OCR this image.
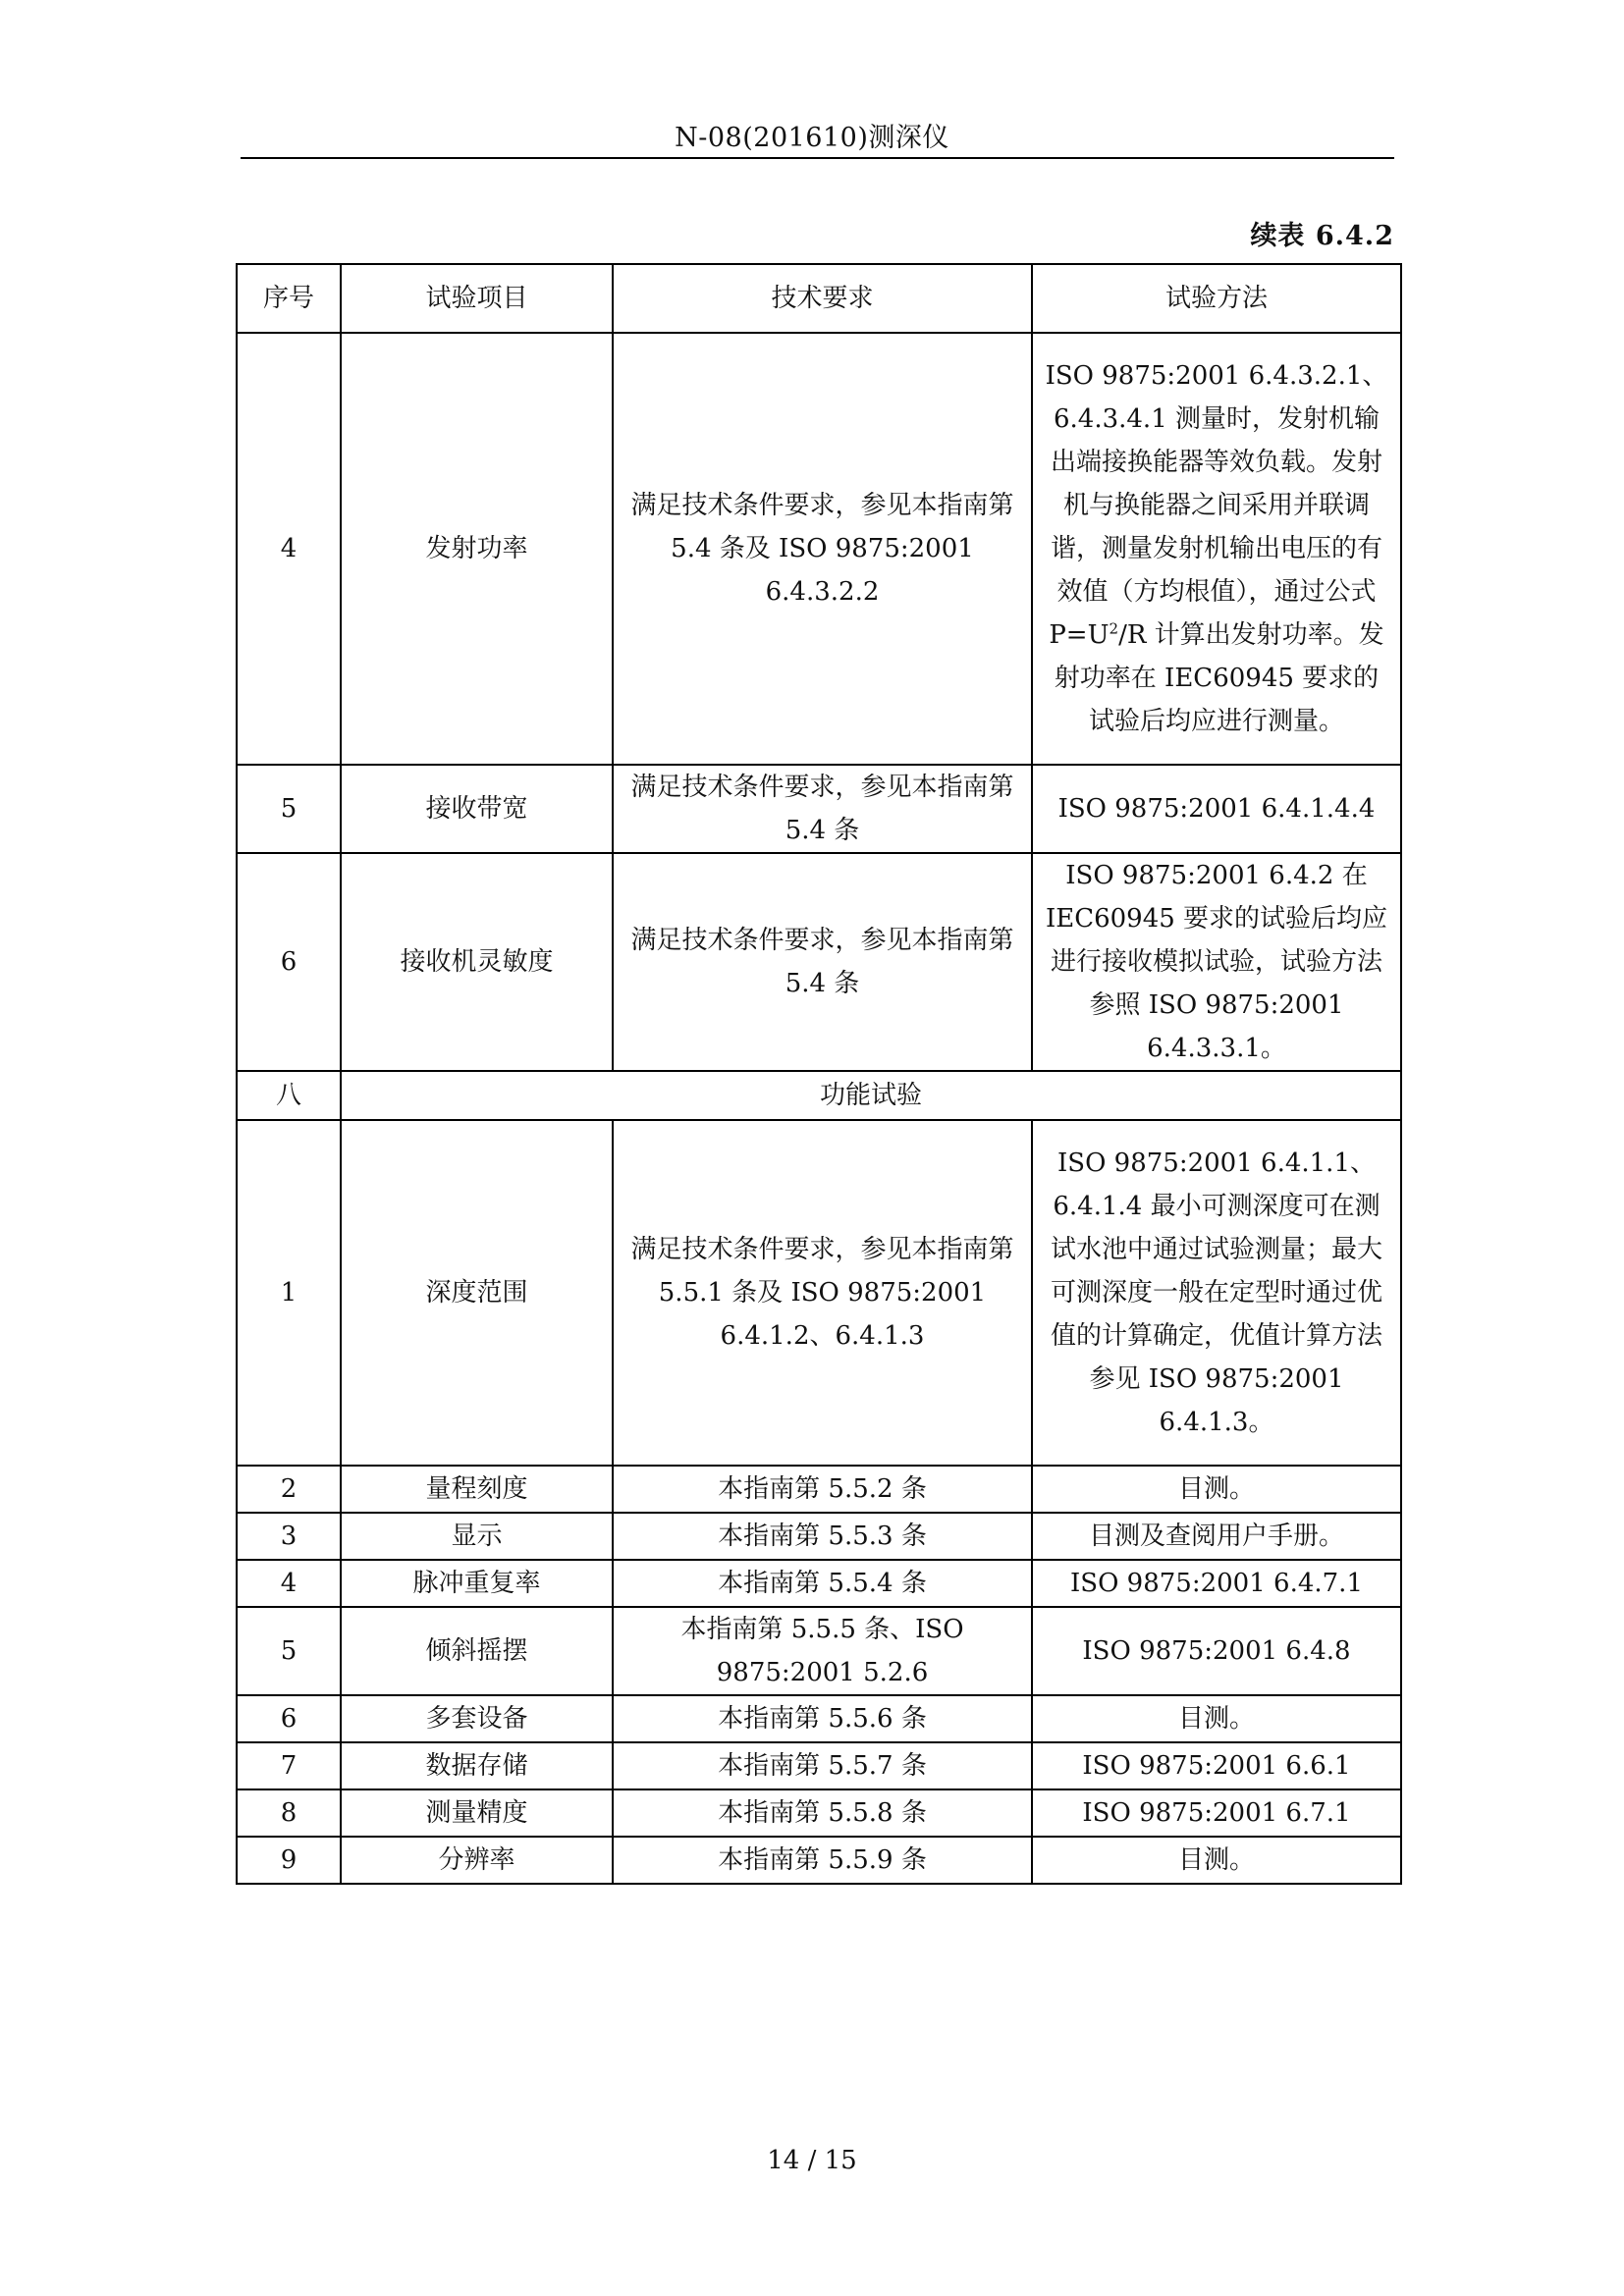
N-08(201610)测深仪
续表 6.4.2
序号	试验项目	技术要求	试验方法
4	发射功率	满足技术条件要求，参见本指南第 5.4 条及 ISO 9875:2001 6.4.3.2.2	ISO 9875:2001 6.4.3.2.1、6.4.3.4.1 测量时，发射机输出端接换能器等效负载。发射机与换能器之间采用并联调谐，测量发射机输出电压的有效值（方均根值），通过公式 $P=U^2/R$ 计算出发射功率。发射功率在 IEC60945 要求的试验后均应进行测量。
5	接收带宽	满足技术条件要求，参见本指南第 5.4 条	ISO 9875:2001 6.4.1.4.4
6	接收机灵敏度	满足技术条件要求，参见本指南第 5.4 条	ISO 9875:2001 6.4.2 在 IEC60945 要求的试验后均应进行接收模拟试验，试验方法参照 ISO 9875:2001 6.4.3.3.1。
八	功能试验		
1	深度范围	满足技术条件要求，参见本指南第 5.5.1 条及 ISO 9875:2001 6.4.1.2、6.4.1.3	ISO 9875:2001 6.4.1.1、6.4.1.4 最小可测深度可在测试水池中通过试验测量；最大可测深度一般在定型时通过优值的计算确定，优值计算方法参见 ISO 9875:2001 6.4.1.3。
2	量程刻度	本指南第 5.5.2 条	目测。
3	显示	本指南第 5.5.3 条	目测及查阅用户手册。
4	脉冲重复率	本指南第 5.5.4 条	ISO 9875:2001 6.4.7.1
5	倾斜摇摆	本指南第 5.5.5 条、ISO 9875:2001 5.2.6	ISO 9875:2001 6.4.8
6	多套设备	本指南第 5.5.6 条	目测。
7	数据存储	本指南第 5.5.7 条	ISO 9875:2001 6.6.1
8	测量精度	本指南第 5.5.8 条	ISO 9875:2001 6.7.1
9	分辨率	本指南第 5.5.9 条	目测。
14 / 15
